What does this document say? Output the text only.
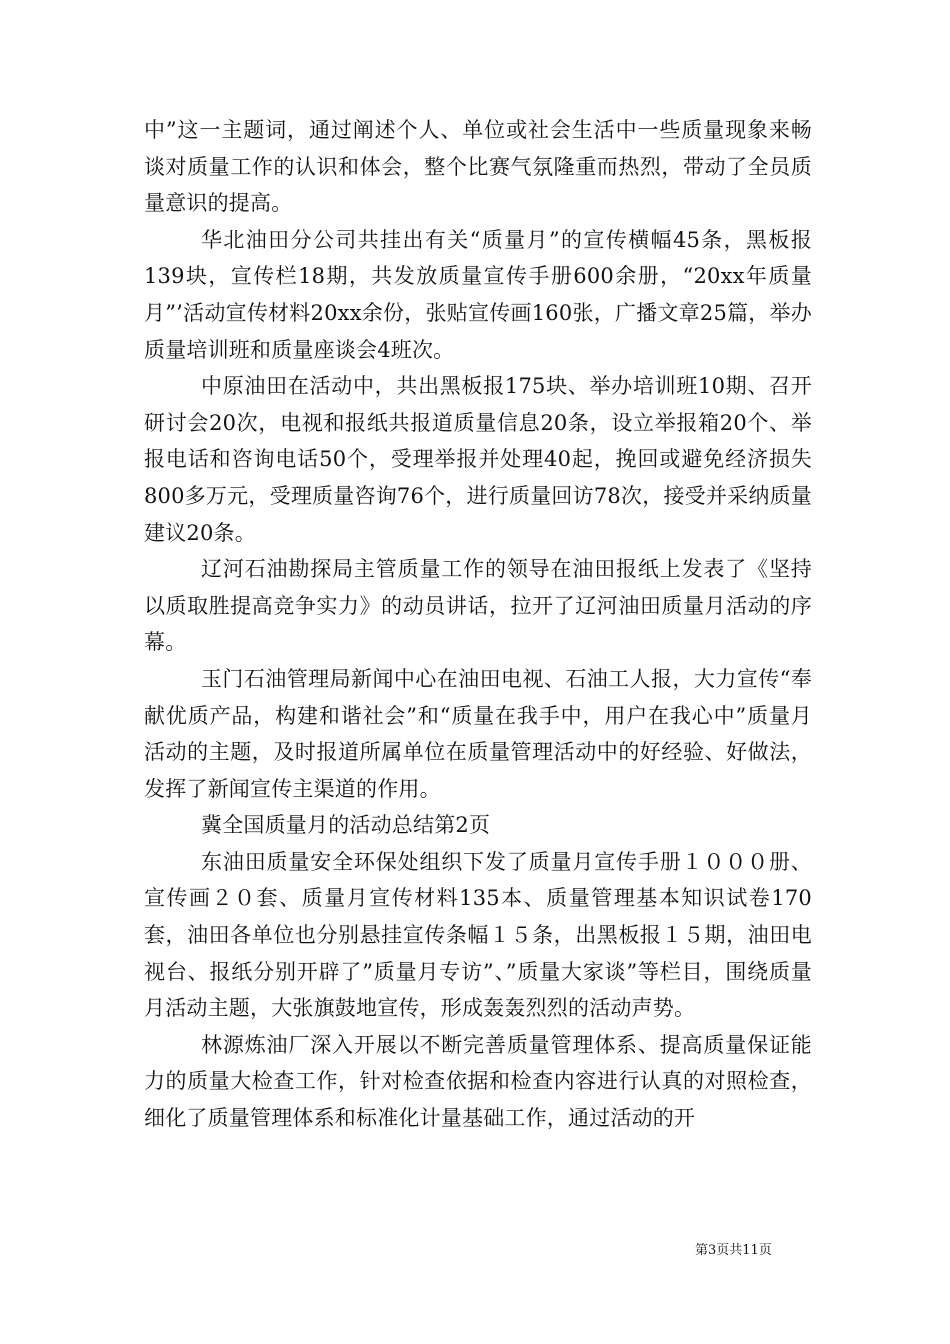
中”这一主题词，通过阐述个人、单位或社会生活中一些质量现象来畅谈对质量工作的认识和体会，整个比赛气氛隆重而热烈，带动了全员质量意识的提高。

华北油田分公司共挂出有关“质量月”的宣传横幅45条，黑板报139块，宣传栏18期，共发放质量宣传手册600余册，“20xx年质量月”’活动宣传材料20xx余份，张贴宣传画160张，广播文章25篇，举办质量培训班和质量座谈会4班次。

中原油田在活动中，共出黑板报175块、举办培训班10期、召开研讨会20次，电视和报纸共报道质量信息20条，设立举报箱20个、举报电话和咨询电话50个，受理举报并处理40起，挽回或避免经济损失800多万元，受理质量咨询76个，进行质量回访78次，接受并采纳质量建议20条。

辽河石油勘探局主管质量工作的领导在油田报纸上发表了《坚持以质取胜提高竞争实力》的动员讲话，拉开了辽河油田质量月活动的序幕。

玉门石油管理局新闻中心在油田电视、石油工人报，大力宣传“奉献优质产品，构建和谐社会”和“质量在我手中，用户在我心中”质量月活动的主题，及时报道所属单位在质量管理活动中的好经验、好做法，发挥了新闻宣传主渠道的作用。

冀全国质量月的活动总结第2页

东油田质量安全环保处组织下发了质量月宣传手册１０００册、宣传画２０套、质量月宣传材料135本、质量管理基本知识试卷170套，油田各单位也分别悬挂宣传条幅１５条，出黑板报１５期，油田电视台、报纸分别开辟了”质量月专访”、”质量大家谈”等栏目，围绕质量月活动主题，大张旗鼓地宣传，形成轰轰烈烈的活动声势。

林源炼油厂深入开展以不断完善质量管理体系、提高质量保证能力的质量大检查工作，针对检查依据和检查内容进行认真的对照检查，细化了质量管理体系和标准化计量基础工作，通过活动的开

第3页共11页
